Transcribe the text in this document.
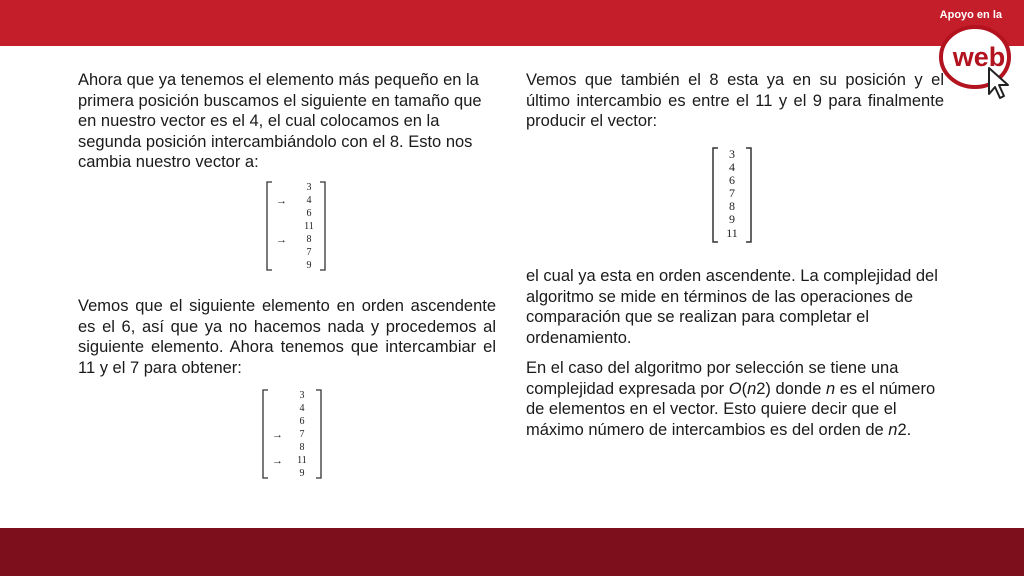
Apoyo en la
web

Ahora que ya tenemos el elemento más pequeño en la primera posición buscamos el siguiente en tamaño que en nuestro vector es el 4, el cual colocamos en la segunda posición intercambiándolo con el 8. Esto nos cambia nuestro vector a:

→
→
3
4
6
11
8
7
9

Vemos que el siguiente elemento en orden ascendente es el 6, así que ya no hacemos nada y procedemos al siguiente elemento. Ahora tenemos que intercambiar el 11 y el 7 para obtener:

→
→
3
4
6
7
8
11
9

Vemos que también el 8 esta ya en su posición y el último intercambio es entre el 11 y el 9 para finalmente producir el vector:

3
4
6
7
8
9
11

el cual ya esta en orden ascendente. La complejidad del algoritmo se mide en términos de las operaciones de comparación que se realizan para completar el ordenamiento.

En el caso del algoritmo por selección se tiene una complejidad expresada por O(n2) donde n es el número de elementos en el vector. Esto quiere decir que el máximo número de intercambios es del orden de n2.
